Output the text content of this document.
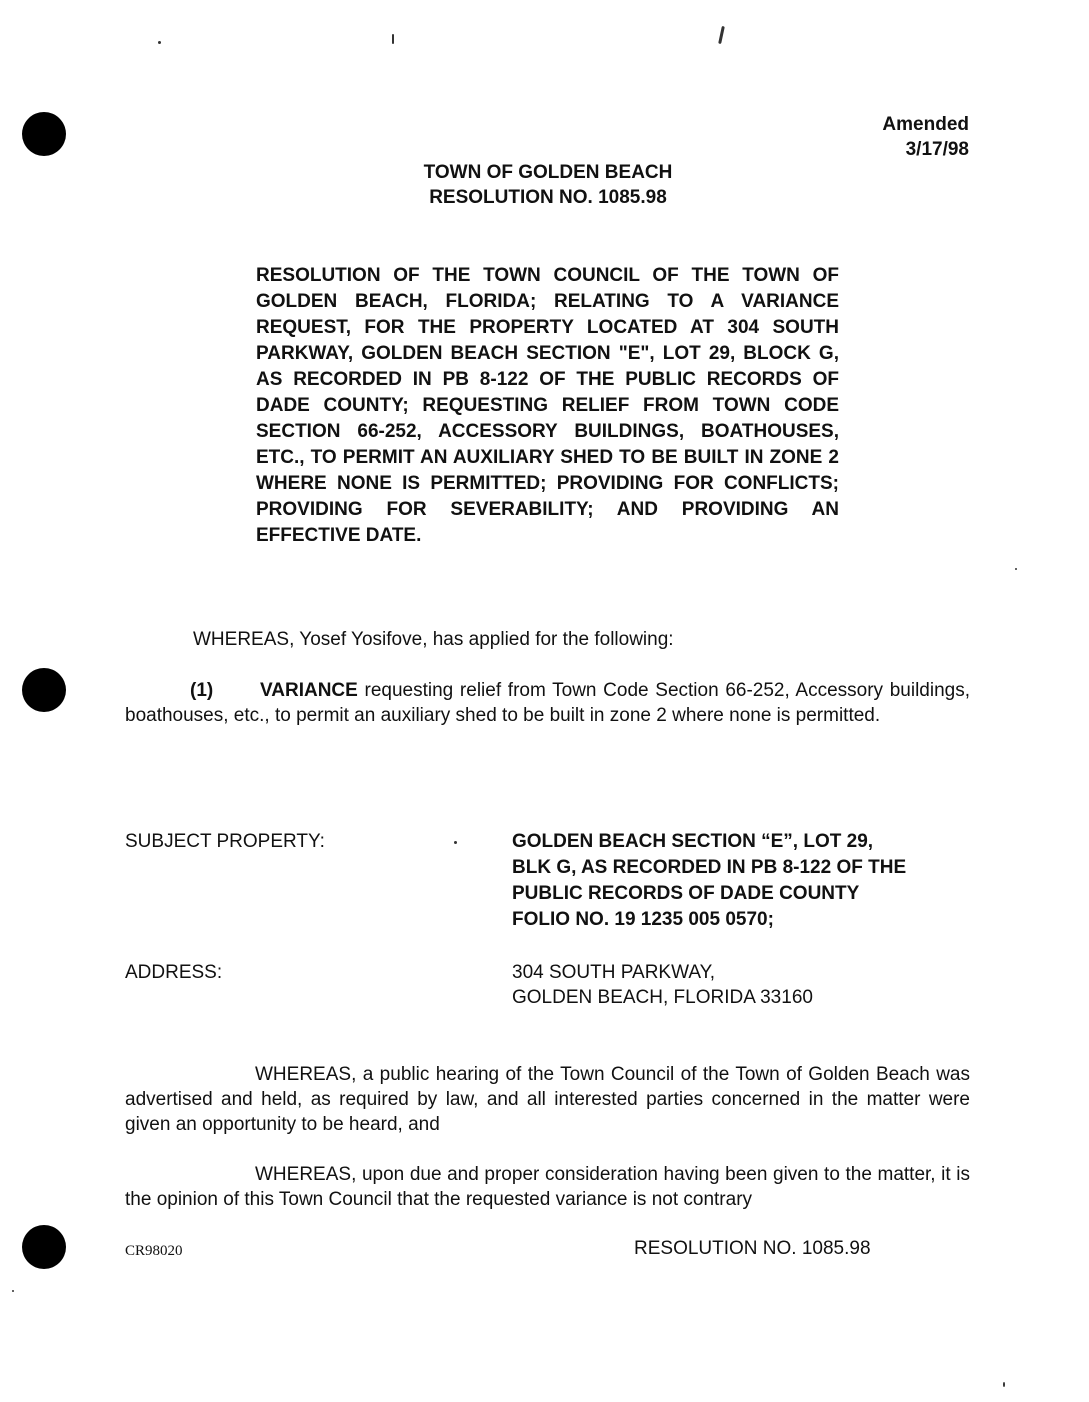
Amended
3/17/98
TOWN OF GOLDEN BEACH
RESOLUTION NO. 1085.98
RESOLUTION OF THE TOWN COUNCIL OF THE TOWN OF GOLDEN BEACH, FLORIDA; RELATING TO A VARIANCE REQUEST, FOR THE PROPERTY LOCATED AT 304 SOUTH PARKWAY, GOLDEN BEACH SECTION "E", LOT 29, BLOCK G, AS RECORDED IN PB 8-122 OF THE PUBLIC RECORDS OF DADE COUNTY; REQUESTING RELIEF FROM TOWN CODE SECTION 66-252, ACCESSORY BUILDINGS, BOATHOUSES, ETC., TO PERMIT AN AUXILIARY SHED TO BE BUILT IN ZONE 2 WHERE NONE IS PERMITTED; PROVIDING FOR CONFLICTS; PROVIDING FOR SEVERABILITY; AND PROVIDING AN EFFECTIVE DATE.
WHEREAS, Yosef Yosifove, has applied for the following:
(1) VARIANCE requesting relief from Town Code Section 66-252, Accessory buildings, boathouses, etc., to permit an auxiliary shed to be built in zone 2 where none is permitted.
SUBJECT PROPERTY:	GOLDEN BEACH SECTION “E”, LOT 29,
BLK G, AS RECORDED IN PB 8-122 OF THE
PUBLIC RECORDS OF DADE COUNTY
FOLIO NO. 19 1235 005 0570;
ADDRESS:	304 SOUTH PARKWAY,
GOLDEN BEACH, FLORIDA 33160
WHEREAS, a public hearing of the Town Council of the Town of Golden Beach was advertised and held, as required by law, and all interested parties concerned in the matter were given an opportunity to be heard, and
WHEREAS, upon due and proper consideration having been given to the matter, it is the opinion of this Town Council that the requested variance is not contrary
CR98020	RESOLUTION NO. 1085.98
